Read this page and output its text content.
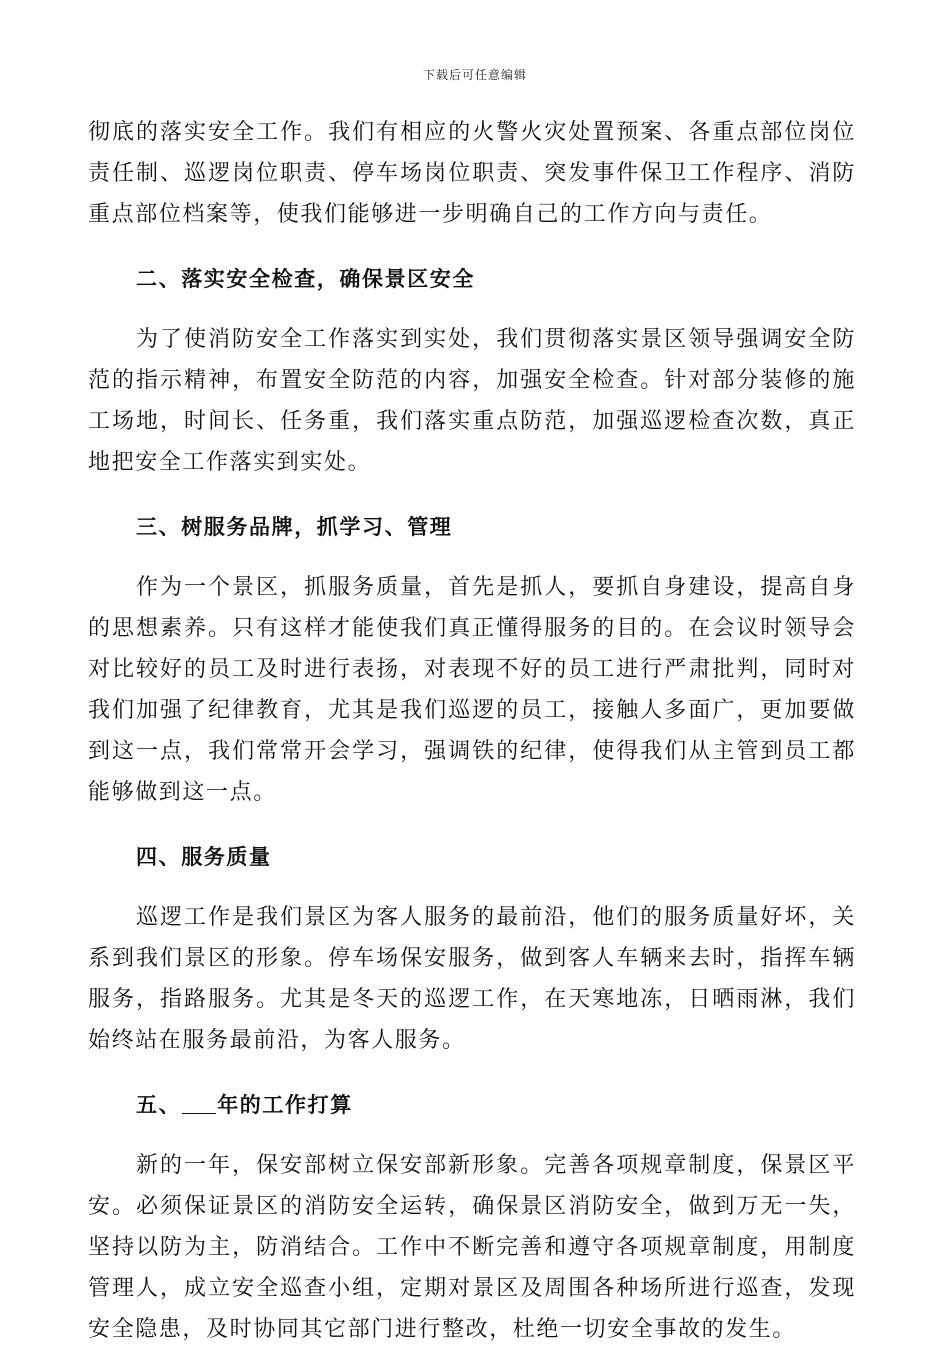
下载后可任意编辑

彻底的落实安全工作。我们有相应的火警火灾处置预案、各重点部位岗位责任制、巡逻岗位职责、停车场岗位职责、突发事件保卫工作程序、消防重点部位档案等，使我们能够进一步明确自己的工作方向与责任。

二、落实安全检查，确保景区安全

为了使消防安全工作落实到实处，我们贯彻落实景区领导强调安全防范的指示精神，布置安全防范的内容，加强安全检查。针对部分装修的施工场地，时间长、任务重，我们落实重点防范，加强巡逻检查次数，真正地把安全工作落实到实处。

三、树服务品牌，抓学习、管理

作为一个景区，抓服务质量，首先是抓人，要抓自身建设，提高自身的思想素养。只有这样才能使我们真正懂得服务的目的。在会议时领导会对比较好的员工及时进行表扬，对表现不好的员工进行严肃批判，同时对我们加强了纪律教育，尤其是我们巡逻的员工，接触人多面广，更加要做到这一点，我们常常开会学习，强调铁的纪律，使得我们从主管到员工都能够做到这一点。

四、服务质量

巡逻工作是我们景区为客人服务的最前沿，他们的服务质量好坏，关系到我们景区的形象。停车场保安服务，做到客人车辆来去时，指挥车辆服务，指路服务。尤其是冬天的巡逻工作，在天寒地冻，日晒雨淋，我们始终站在服务最前沿，为客人服务。

五、 年的工作打算

新的一年，保安部树立保安部新形象。完善各项规章制度，保景区平安。必须保证景区的消防安全运转，确保景区消防安全，做到万无一失，坚持以防为主，防消结合。工作中不断完善和遵守各项规章制度，用制度管理人，成立安全巡查小组，定期对景区及周围各种场所进行巡查，发现安全隐患，及时协同其它部门进行整改，杜绝一切安全事故的发生。
